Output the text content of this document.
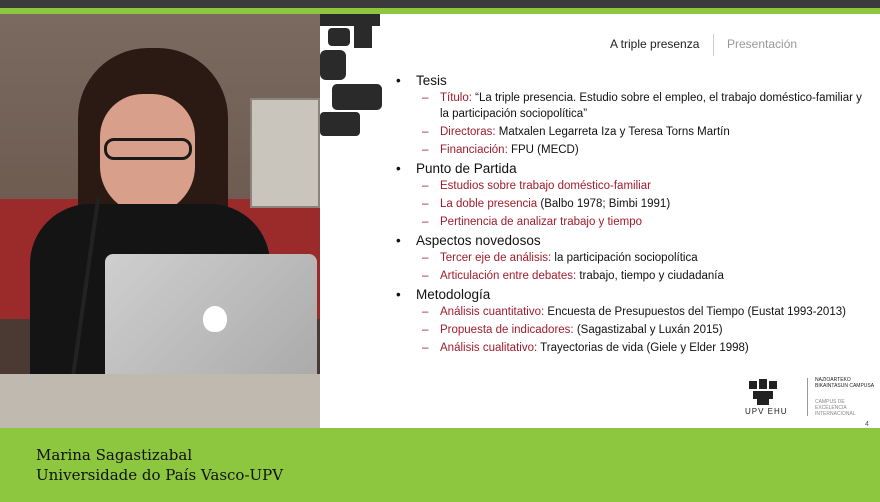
A triple presenza Presentación
• Tesis
– Título: “La triple presencia. Estudio sobre el empleo, el trabajo doméstico-familiar y la participación sociopolítica”
– Directoras: Matxalen Legarreta Iza y Teresa Torns Martín
– Financiación: FPU (MECD)
• Punto de Partida
– Estudios sobre trabajo doméstico-familiar
– La doble presencia (Balbo 1978; Bimbi 1991)
– Pertinencia de analizar trabajo y tiempo
• Aspectos novedosos
– Tercer eje de análisis: la participación sociopolítica
– Articulación entre debates: trabajo, tiempo y ciudadanía
• Metodología
– Análisis cuantitativo: Encuesta de Presupuestos del Tiempo (Eustat 1993-2013)
– Propuesta de indicadores: (Sagastizabal y Luxán 2015)
– Análisis cualitativo: Trayectorias de vida (Giele y Elder 1998)
UPV EHU
NAZIOARTEKO BIKAINTASUN CAMPUSA
CAMPUS DE EXCELENCIA INTERNACIONAL
4
Marina Sagastizabal
Universidade do País Vasco-UPV
